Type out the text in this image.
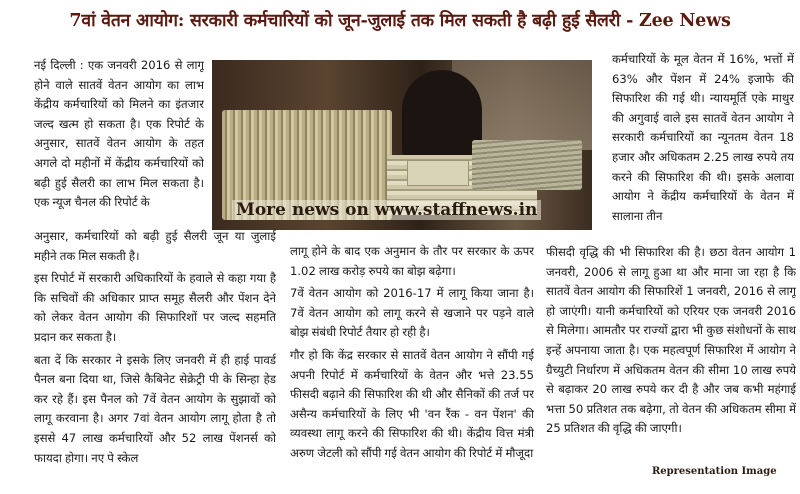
7वां वेतन आयोग: सरकारी कर्मचारियों को जून-जुलाई तक मिल सकती है बढ़ी हुई सैलरी - Zee News

नई दिल्ली : एक जनवरी 2016 से लागू होने वाले सातवें वेतन आयोग का लाभ केंद्रीय कर्मचारियों को मिलने का इंतजार जल्द खत्म हो सकता है। एक रिपोर्ट के अनुसार, सातवें वेतन आयोग के तहत अगले दो महीनों में केंद्रीय कर्मचारियों को बढ़ी हुई सैलरी का लाभ मिल सकता है। एक न्यूज चैनल की रिपोर्ट के	More news on www.staffnews.in

कर्मचारियों के मूल वेतन में 16%, भत्तों में 63% और पेंशन में 24% इजाफे की सिफारिश की गई थी। न्यायमूर्ति एके माथुर की अगुवाई वाले इस सातवें वेतन आयोग ने सरकारी कर्मचारियों का न्यूनतम वेतन 18 हजार और अधिकतम 2.25 लाख रुपये तय करने की सिफारिश की थी। इसके अलावा आयोग ने केंद्रीय कर्मचारियों के वेतन में सालाना तीन

अनुसार, कर्मचारियों को बढ़ी हुई सैलरी जून या जुलाई महीने तक मिल सकती है।

इस रिपोर्ट में सरकारी अधिकारियों के हवाले से कहा गया है कि सचिवों की अधिकार प्राप्त समूह सैलरी और पेंशन देने को लेकर वेतन आयोग की सिफारिशों पर जल्द सहमति प्रदान कर सकता है।

बता दें कि सरकार ने इसके लिए जनवरी में ही हाई पावर्ड पैनल बना दिया था, जिसे कैबिनेट सेक्रेट्री पी के सिन्हा हेड कर रहे हैं। इस पैनल को 7वें वेतन आयोग के सुझावों को लागू करवाना है। अगर 7वां वेतन आयोग लागू होता है तो इससे 47 लाख कर्मचारियों और 52 लाख पेंशनर्स को फायदा होगा। नए पे स्केल

लागू होने के बाद एक अनुमान के तौर पर सरकार के ऊपर 1.02 लाख करोड़ रुपये का बोझ बढ़ेगा।

7वें वेतन आयोग को 2016-17 में लागू किया जाना है। 7वें वेतन आयोग को लागू करने से खजाने पर पड़ने वाले बोझ संबंधी रिपोर्ट तैयार हो रही है।

गौर हो कि केंद्र सरकार से सातवें वेतन आयोग ने सौंपी गई अपनी रिपोर्ट में कर्मचारियों के वेतन और भत्ते 23.55 फीसदी बढ़ाने की सिफारिश की थी और सैनिकों की तर्ज पर असैन्य कर्मचारियों के लिए भी 'वन रैंक - वन पेंशन' की व्यवस्था लागू करने की सिफारिश की थी। केंद्रीय वित्त मंत्री अरुण जेटली को सौंपी गई वेतन आयोग की रिपोर्ट में मौजूदा

फीसदी वृद्धि की भी सिफारिश की है। छठा वेतन आयोग 1 जनवरी, 2006 से लागू हुआ था और माना जा रहा है कि सातवें वेतन आयोग की सिफारिशें 1 जनवरी, 2016 से लागू हो जाएंगी। यानी कर्मचारियों को एरियर एक जनवरी 2016 से मिलेगा। आमतौर पर राज्यों द्वारा भी कुछ संशोधनों के साथ इन्हें अपनाया जाता है। एक महत्वपूर्ण सिफारिश में आयोग ने ग्रैच्युटी निर्धारण में अधिकतम वेतन की सीमा 10 लाख रुपये से बढ़ाकर 20 लाख रुपये कर दी है और जब कभी महंगाई भत्ता 50 प्रतिशत तक बढ़ेगा, तो वेतन की अधिकतम सीमा में 25 प्रतिशत की वृद्धि की जाएगी।

Representation Image
